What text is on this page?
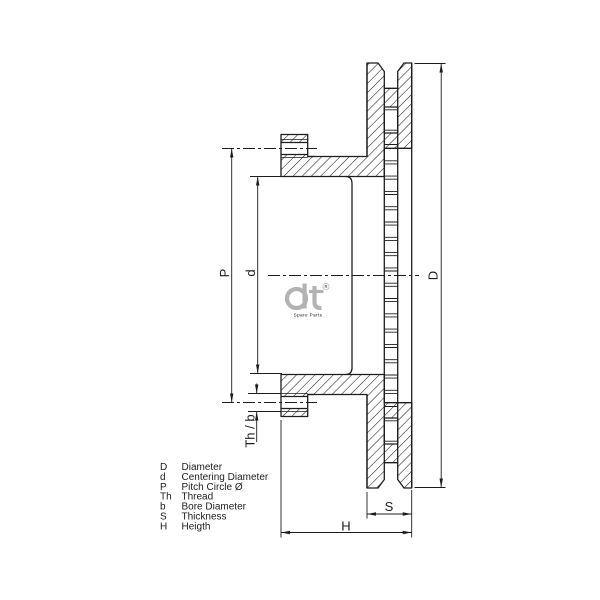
D
P d
Th / b
S
H
R
Spare Parts
D Diameter
d Centering Diameter
P Pitch Circle Ø
Th Thread
b Bore Diameter
S Thickness
H Heigth
